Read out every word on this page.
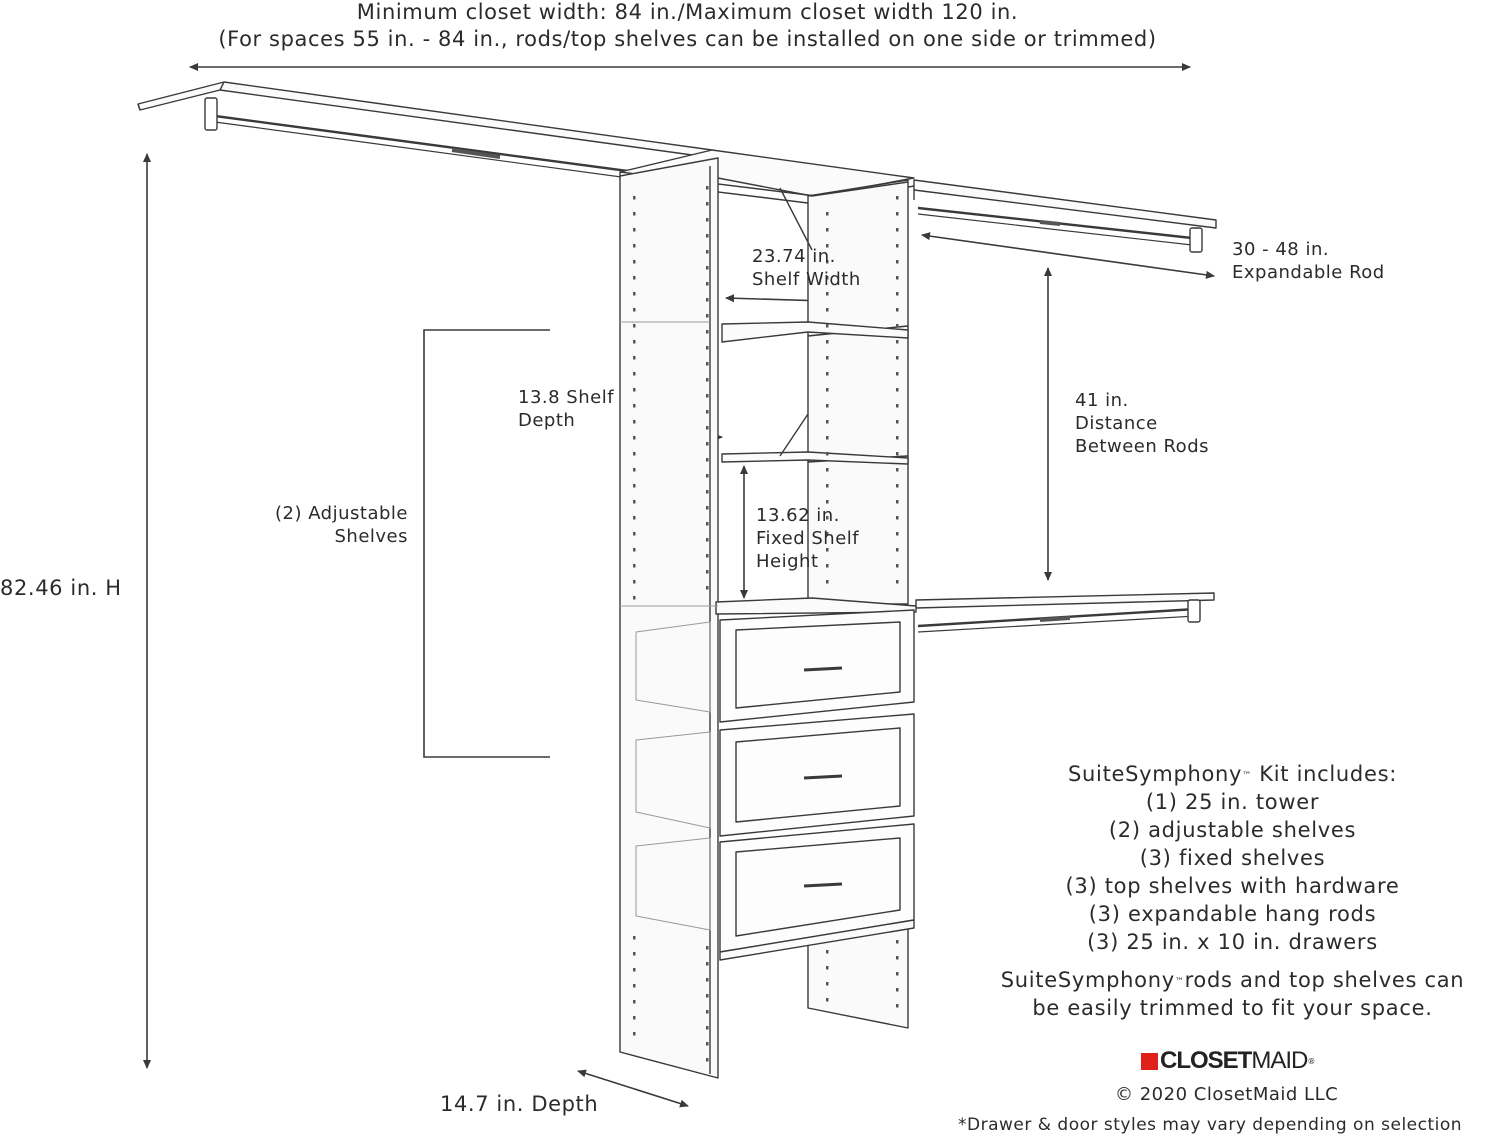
Minimum closet width: 84 in./Maximum closet width 120 in.
(For spaces 55 in. - 84 in., rods/top shelves can be installed on one side or trimmed)
82.46 in. H
14.7 in. Depth
(2) Adjustable
Shelves
13.8 Shelf
Depth
23.74 in.
Shelf Width
13.62 in.
Fixed Shelf
Height
30 - 48 in.
Expandable Rod
41 in.
Distance
Between Rods
SuiteSymphony™ Kit includes:
(1) 25 in. tower
(2) adjustable shelves
(3) fixed shelves
(3) top shelves with hardware
(3) expandable hang rods
(3) 25 in. x 10 in. drawers
SuiteSymphony™rods and top shelves can
be easily trimmed to fit your space.
CLOSET MAID ®
© 2020 ClosetMaid LLC
*Drawer & door styles may vary depending on selection
